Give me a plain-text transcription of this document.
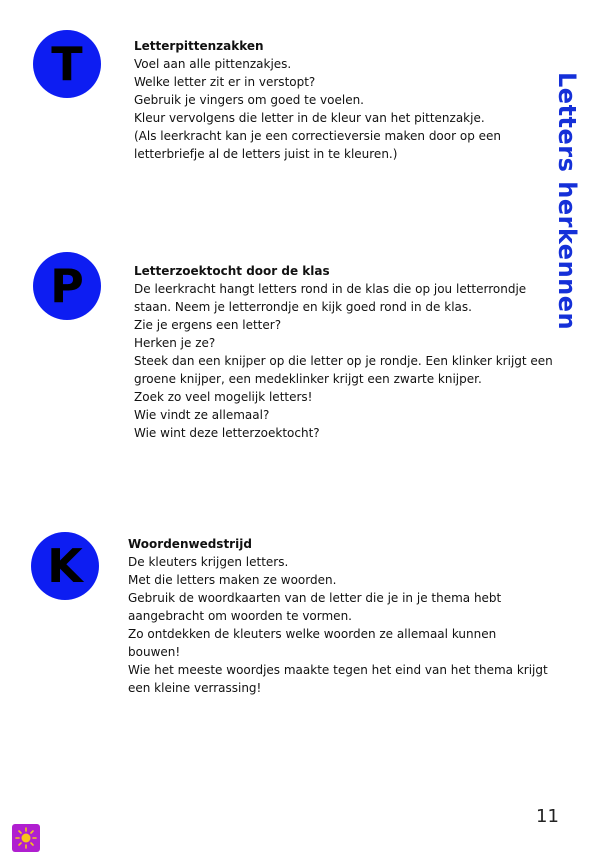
T	Letterpittenzakken

Voel aan alle pittenzakjes.

Welke letter zit er in verstopt?

Gebruik je vingers om goed te voelen.

Kleur vervolgens die letter in de kleur van het pittenzakje.

(Als leerkracht kan je een correctieversie maken door op een

letterbriefje al de letters juist in te kleuren.)

P	Letterzoektocht door de klas

De leerkracht hangt letters rond in de klas die op jou letterrondje

staan. Neem je letterrondje en kijk goed rond in de klas.

Zie je ergens een letter?

Herken je ze?

Steek dan een knijper op die letter op je rondje. Een klinker krijgt een

groene knijper, een medeklinker krijgt een zwarte knijper.

Zoek zo veel mogelijk letters!

Wie vindt ze allemaal?

Wie wint deze letterzoektocht?

K	Woordenwedstrijd

De kleuters krijgen letters.

Met die letters maken ze woorden.

Gebruik de woordkaarten van de letter die je in je thema hebt

aangebracht om woorden te vormen.

Zo ontdekken de kleuters welke woorden ze allemaal kunnen

bouwen!

Wie het meeste woordjes maakte tegen het eind van het thema krijgt

een kleine verrassing!

Letters herkennen
11
